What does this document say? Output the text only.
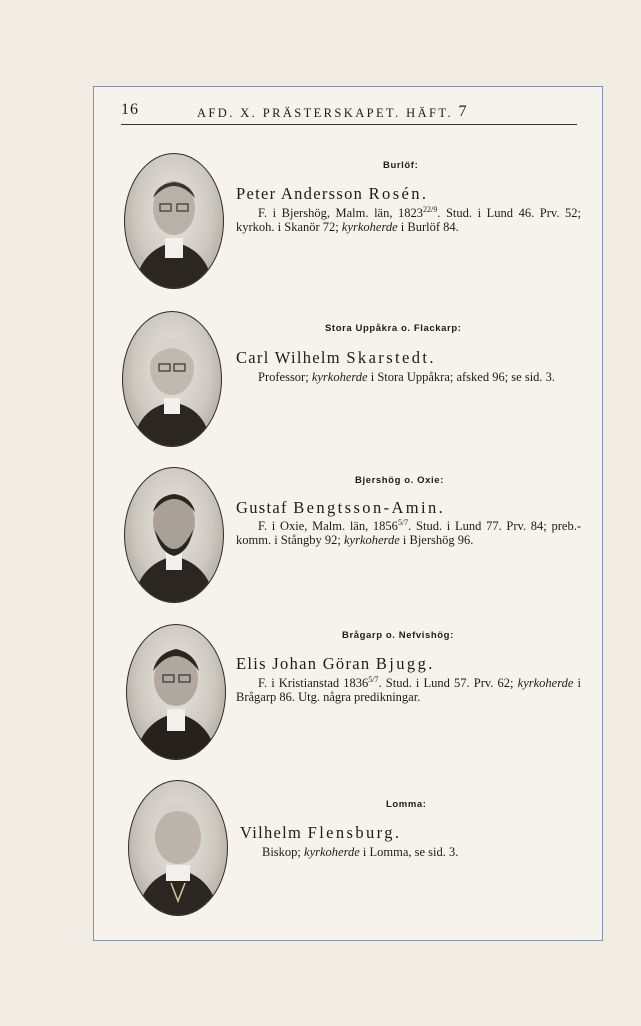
16	AFD. X. PRÄSTERSKAPET. HÄFT. 7
Burlöf:
Peter Andersson Rosén.
F. i Bjershög, Malm. län, $1823^{22/9}$. Stud. i Lund 46. Prv. 52; kyrkoh. i Skanör 72; kyrkoherde i Burlöf 84.
Stora Uppåkra o. Flackarp:
Carl Wilhelm Skarstedt.
Professor; kyrkoherde i Stora Uppåkra; afsked 96; se sid. 3.
Bjershög o. Oxie:
Gustaf Bengtsson-Amin.
F. i Oxie, Malm. län, $1856^{5/7}$. Stud. i Lund 77. Prv. 84; preb.-komm. i Stångby 92; kyrkoherde i Bjershög 96.
Brågarp o. Nefvishög:
Elis Johan Göran Bjugg.
F. i Kristianstad $1836^{5/7}$. Stud. i Lund 57. Prv. 62; kyrkoherde i Brågarp 86. Utg. några predikningar.
Lomma:
Vilhelm Flensburg.
Biskop; kyrkoherde i Lomma, se sid. 3.
